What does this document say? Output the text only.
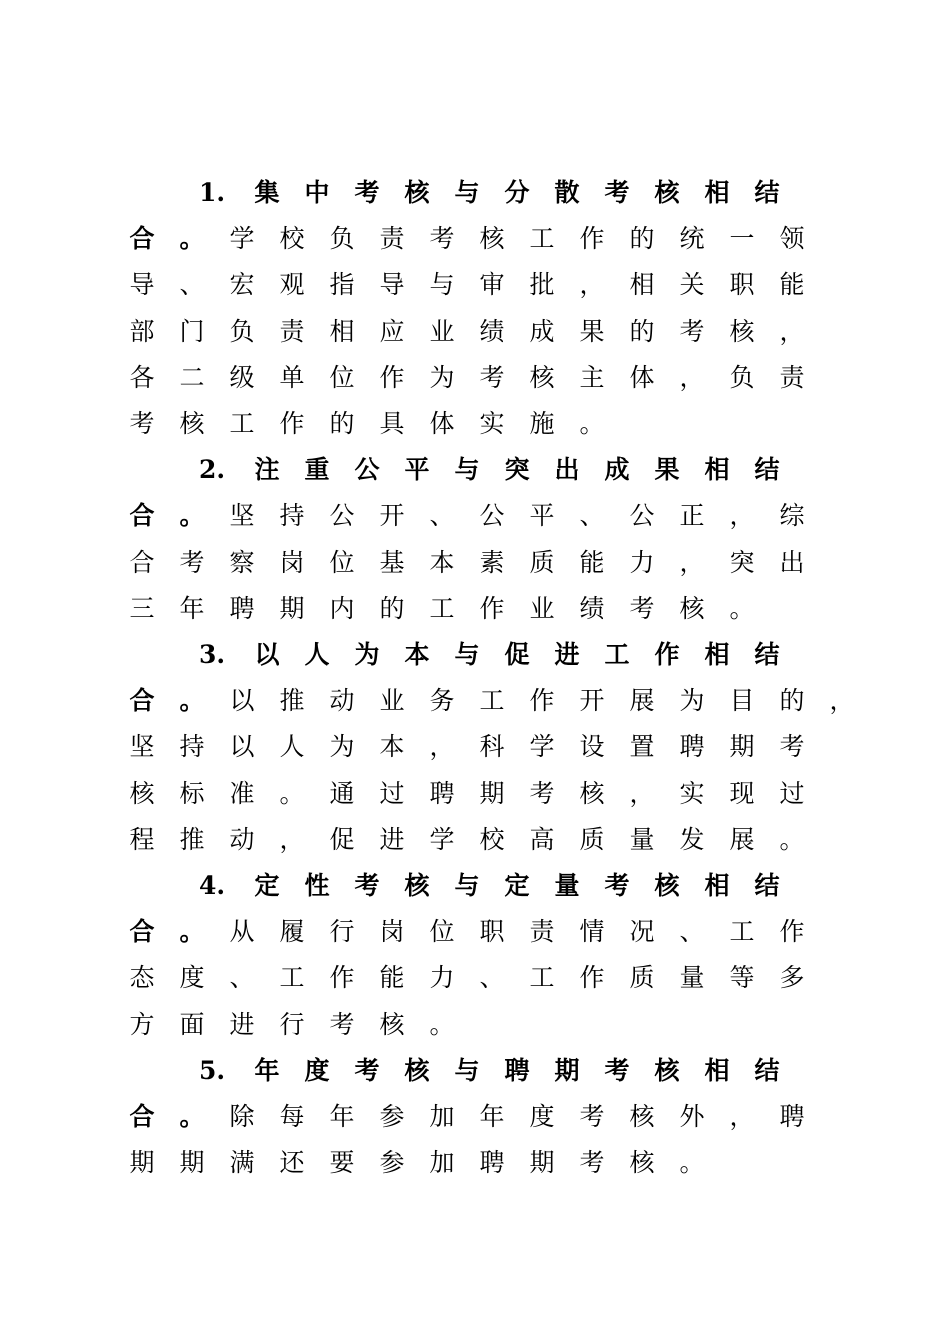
1.	集 中 考 核 与 分 散 考 核 相 结
合 。 学 校 负 责 考 核 工 作 的 统 一 领
导 、 宏 观 指 导 与 审 批 ， 相 关 职 能
部 门 负 责 相 应 业 绩 成 果 的 考 核 ，
各 二 级 单 位 作 为 考 核 主 体 ， 负 责
考 核 工 作 的 具 体 实 施 。
2.	注 重 公 平 与 突 出 成 果 相 结
合 。 坚 持 公 开 、 公 平 、 公 正 ， 综
合 考 察 岗 位 基 本 素 质 能 力 ， 突 出
三 年 聘 期 内 的 工 作 业 绩 考 核 。
3.	以 人 为 本 与 促 进 工 作 相 结
合 。 以 推 动 业 务 工 作 开 展 为 目 的 ，
坚 持 以 人 为 本 ， 科 学 设 置 聘 期 考
核 标 准 。 通 过 聘 期 考 核 ， 实 现 过
程 推 动 ， 促 进 学 校 高 质 量 发 展 。
4.	定 性 考 核 与 定 量 考 核 相 结
合 。 从 履 行 岗 位 职 责 情 况 、 工 作
态 度 、 工 作 能 力 、 工 作 质 量 等 多
方 面 进 行 考 核 。
5.	年 度 考 核 与 聘 期 考 核 相 结
合 。 除 每 年 参 加 年 度 考 核 外 ， 聘
期 期 满 还 要 参 加 聘 期 考 核 。
